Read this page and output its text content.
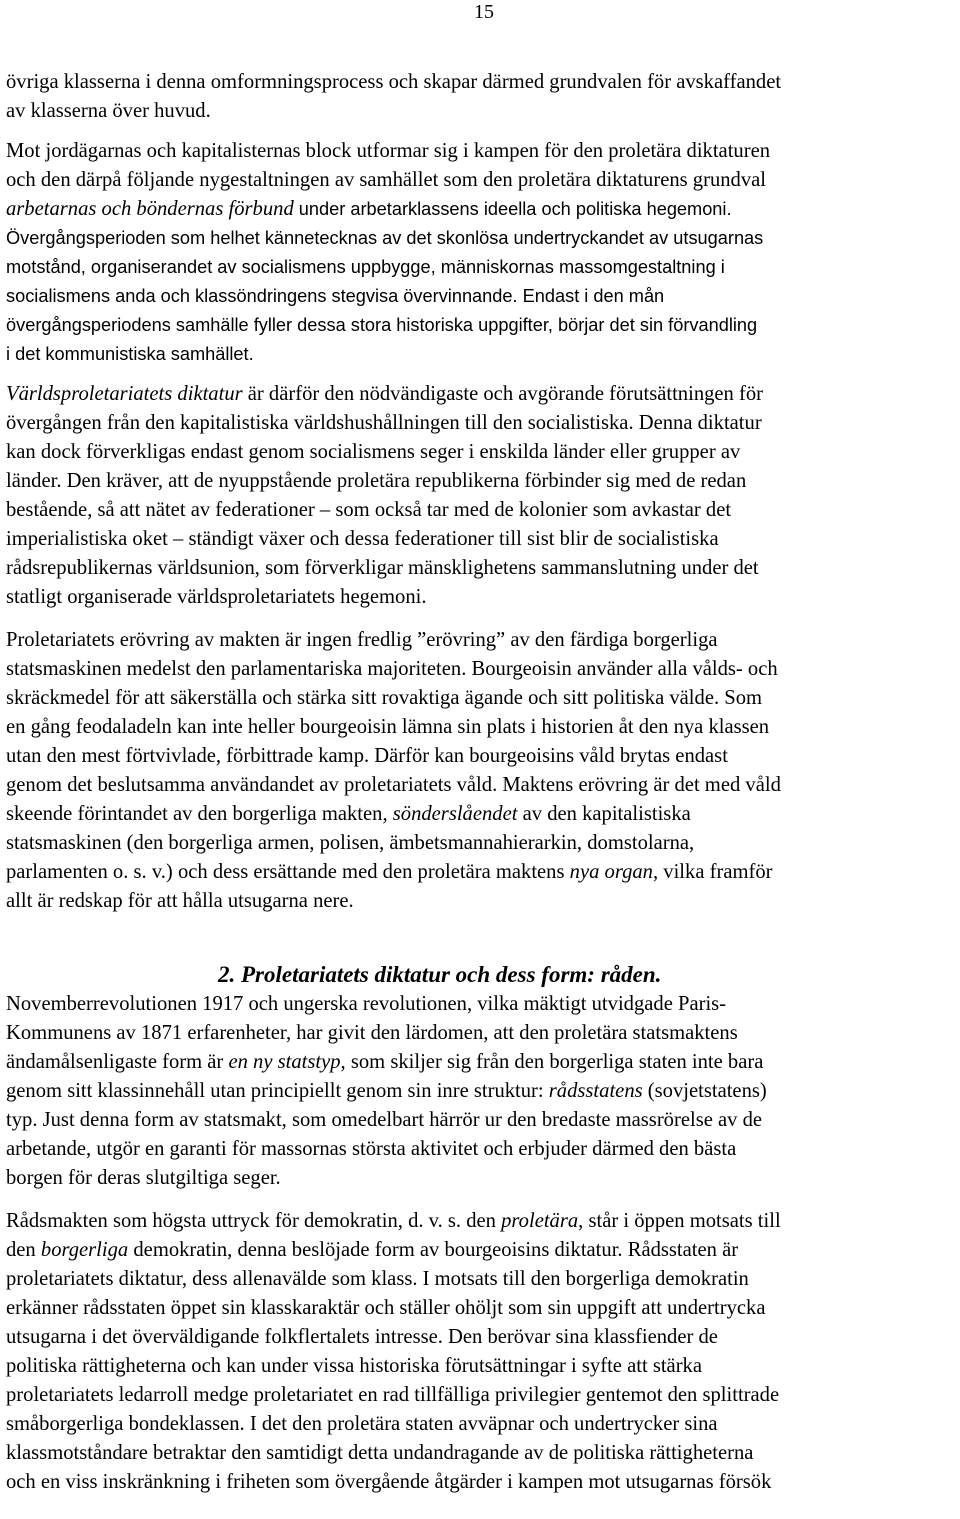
15

övriga klasserna i denna omformningsprocess och skapar därmed grundvalen för avskaffandet

av klasserna över huvud.

Mot jordägarnas och kapitalisternas block utformar sig i kampen för den proletära diktaturen

och den därpå följande nygestaltningen av samhället som den proletära diktaturens grundval

arbetarnas och böndernas förbund under arbetarklassens ideella och politiska hegemoni.

Övergångsperioden som helhet kännetecknas av det skonlösa undertryckandet av utsugarnas

motstånd, organiserandet av socialismens uppbygge, människornas massomgestaltning i

socialismens anda och klassöndringens stegvisa övervinnande. Endast i den mån

övergångsperiodens samhälle fyller dessa stora historiska uppgifter, börjar det sin förvandling

i det kommunistiska samhället.

Världsproletariatets diktatur är därför den nödvändigaste och avgörande förutsättningen för

övergången från den kapitalistiska världshushållningen till den socialistiska. Denna diktatur

kan dock förverkligas endast genom socialismens seger i enskilda länder eller grupper av

länder. Den kräver, att de nyuppstående proletära republikerna förbinder sig med de redan

bestående, så att nätet av federationer – som också tar med de kolonier som avkastar det

imperialistiska oket – ständigt växer och dessa federationer till sist blir de socialistiska

rådsrepublikernas världsunion, som förverkligar mänsklighetens sammanslutning under det

statligt organiserade världsproletariatets hegemoni.

Proletariatets erövring av makten är ingen fredlig ”erövring” av den färdiga borgerliga

statsmaskinen medelst den parlamentariska majoriteten. Bourgeoisin använder alla vålds- och

skräckmedel för att säkerställa och stärka sitt rovaktiga ägande och sitt politiska välde. Som

en gång feodaladeln kan inte heller bourgeoisin lämna sin plats i historien åt den nya klassen

utan den mest förtvivlade, förbittrade kamp. Därför kan bourgeoisins våld brytas endast

genom det beslutsamma användandet av proletariatets våld. Maktens erövring är det med våld

skeende förintandet av den borgerliga makten, sönderslåendet av den kapitalistiska

statsmaskinen (den borgerliga armen, polisen, ämbetsmannahierarkin, domstolarna,

parlamenten o. s. v.) och dess ersättande med den proletära maktens nya organ, vilka framför

allt är redskap för att hålla utsugarna nere.

2. Proletariatets diktatur och dess form: råden.

Novemberrevolutionen 1917 och ungerska revolutionen, vilka mäktigt utvidgade Paris-

Kommunens av 1871 erfarenheter, har givit den lärdomen, att den proletära statsmaktens

ändamålsenligaste form är en ny statstyp, som skiljer sig från den borgerliga staten inte bara

genom sitt klassinnehåll utan principiellt genom sin inre struktur: rådsstatens (sovjetstatens)

typ. Just denna form av statsmakt, som omedelbart härrör ur den bredaste massrörelse av de

arbetande, utgör en garanti för massornas största aktivitet och erbjuder därmed den bästa

borgen för deras slutgiltiga seger.

Rådsmakten som högsta uttryck för demokratin, d. v. s. den proletära, står i öppen motsats till

den borgerliga demokratin, denna beslöjade form av bourgeoisins diktatur. Rådsstaten är

proletariatets diktatur, dess allenavälde som klass. I motsats till den borgerliga demokratin

erkänner rådsstaten öppet sin klasskaraktär och ställer ohöljt som sin uppgift att undertrycka

utsugarna i det överväldigande folkflertalets intresse. Den berövar sina klassfiender de

politiska rättigheterna och kan under vissa historiska förutsättningar i syfte att stärka

proletariatets ledarroll medge proletariatet en rad tillfälliga privilegier gentemot den splittrade

småborgerliga bondeklassen. I det den proletära staten avväpnar och undertrycker sina

klassmotståndare betraktar den samtidigt detta undandragande av de politiska rättigheterna

och en viss inskränkning i friheten som övergående åtgärder i kampen mot utsugarnas försök
